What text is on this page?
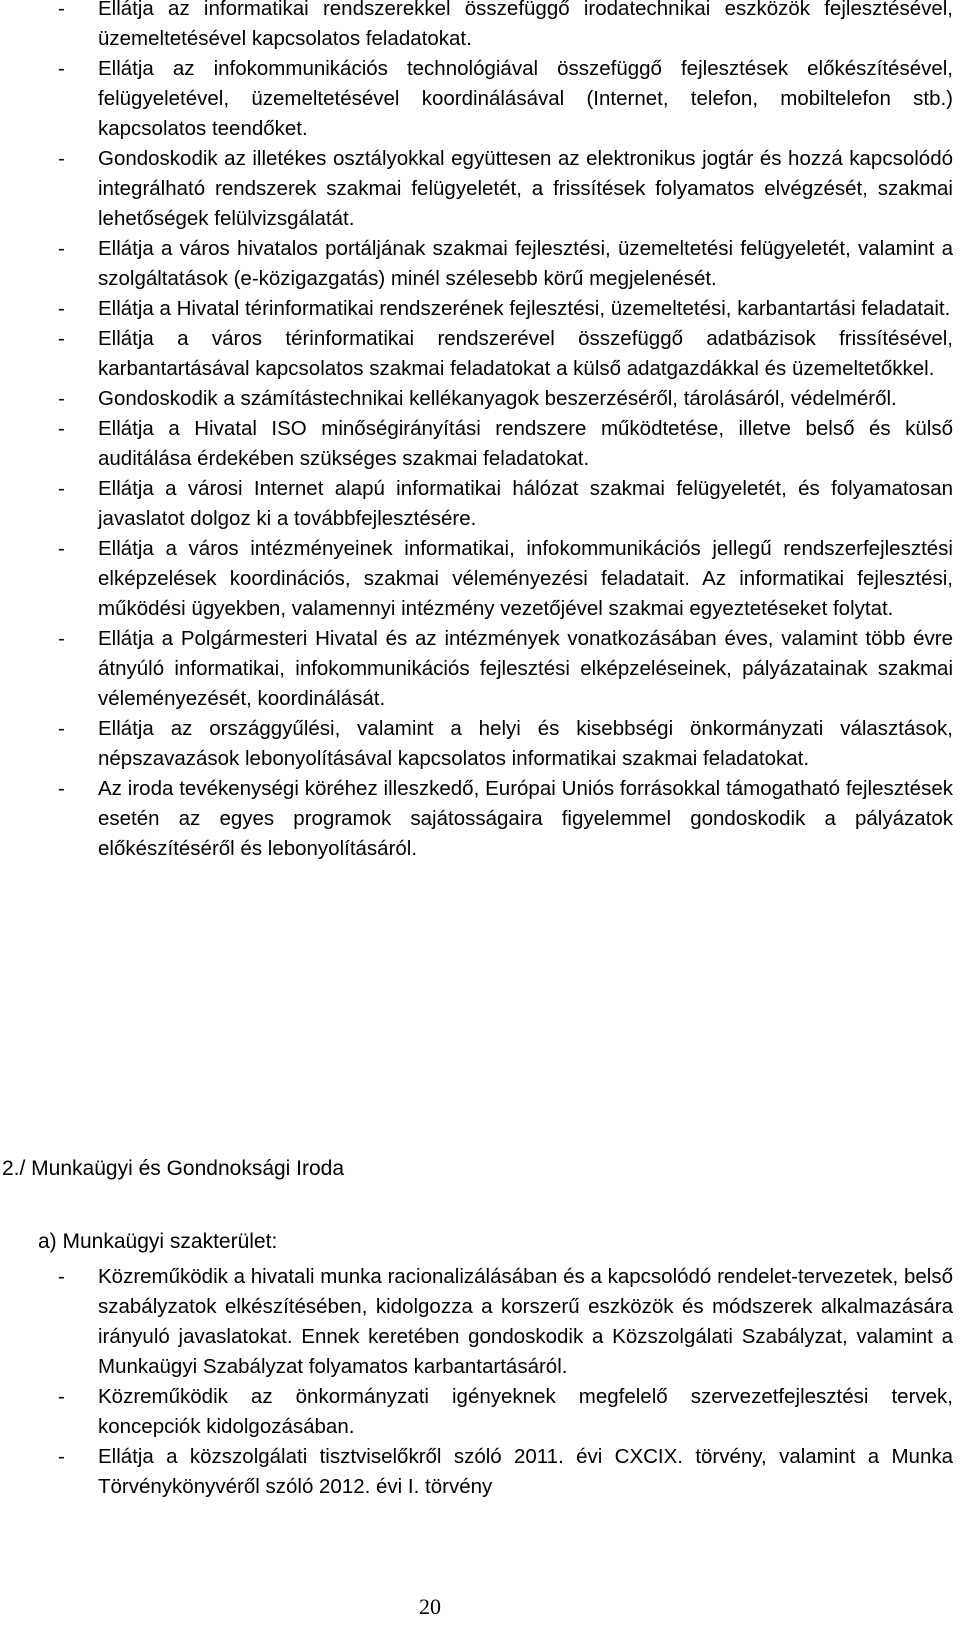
- Ellátja az informatikai rendszerekkel összefüggő irodatechnikai eszközök fejlesztésével, üzemeltetésével kapcsolatos feladatokat.
- Ellátja az infokommunikációs technológiával összefüggő fejlesztések előkészítésével, felügyeletével, üzemeltetésével koordinálásával (Internet, telefon, mobiltelefon stb.) kapcsolatos teendőket.
- Gondoskodik az illetékes osztályokkal együttesen az elektronikus jogtár és hozzá kapcsolódó integrálható rendszerek szakmai felügyeletét, a frissítések folyamatos elvégzését, szakmai lehetőségek felülvizsgálatát.
- Ellátja a város hivatalos portáljának szakmai fejlesztési, üzemeltetési felügyeletét, valamint a szolgáltatások (e-közigazgatás) minél szélesebb körű megjelenését.
- Ellátja a Hivatal térinformatikai rendszerének fejlesztési, üzemeltetési, karbantartási feladatait.
- Ellátja a város térinformatikai rendszerével összefüggő adatbázisok frissítésével, karbantartásával kapcsolatos szakmai feladatokat a külső adatgazdákkal és üzemeltetőkkel.
- Gondoskodik a számítástechnikai kellékanyagok beszerzéséről, tárolásáról, védelméről.
- Ellátja a Hivatal ISO minőségirányítási rendszere működtetése, illetve belső és külső auditálása érdekében szükséges szakmai feladatokat.
- Ellátja a városi Internet alapú informatikai hálózat szakmai felügyeletét, és folyamatosan javaslatot dolgoz ki a továbbfejlesztésére.
- Ellátja a város intézményeinek informatikai, infokommunikációs jellegű rendszerfejlesztési elképzelések koordinációs, szakmai véleményezési feladatait. Az informatikai fejlesztési, működési ügyekben, valamennyi intézmény vezetőjével szakmai egyeztetéseket folytat.
- Ellátja a Polgármesteri Hivatal és az intézmények vonatkozásában éves, valamint több évre átnyúló informatikai, infokommunikációs fejlesztési elképzeléseinek, pályázatainak szakmai véleményezését, koordinálását.
- Ellátja az országgyűlési, valamint a helyi és kisebbségi önkormányzati választások, népszavazások lebonyolításával kapcsolatos informatikai szakmai feladatokat.
- Az iroda tevékenységi köréhez illeszkedő, Európai Uniós forrásokkal támogatható fejlesztések esetén az egyes programok sajátosságaira figyelemmel gondoskodik a pályázatok előkészítéséről és lebonyolításáról.
2./ Munkaügyi és Gondnoksági Iroda
a) Munkaügyi szakterület:
- Közreműködik a hivatali munka racionalizálásában és a kapcsolódó rendelet-tervezetek, belső szabályzatok elkészítésében, kidolgozza a korszerű eszközök és módszerek alkalmazására irányuló javaslatokat. Ennek keretében gondoskodik a Közszolgálati Szabályzat, valamint a Munkaügyi Szabályzat folyamatos karbantartásáról.
- Közreműködik az önkormányzati igényeknek megfelelő szervezetfejlesztési tervek, koncepciók kidolgozásában.
- Ellátja a közszolgálati tisztviselőkről szóló 2011. évi CXCIX. törvény, valamint a Munka Törvénykönyvéről szóló 2012. évi I. törvény
20
